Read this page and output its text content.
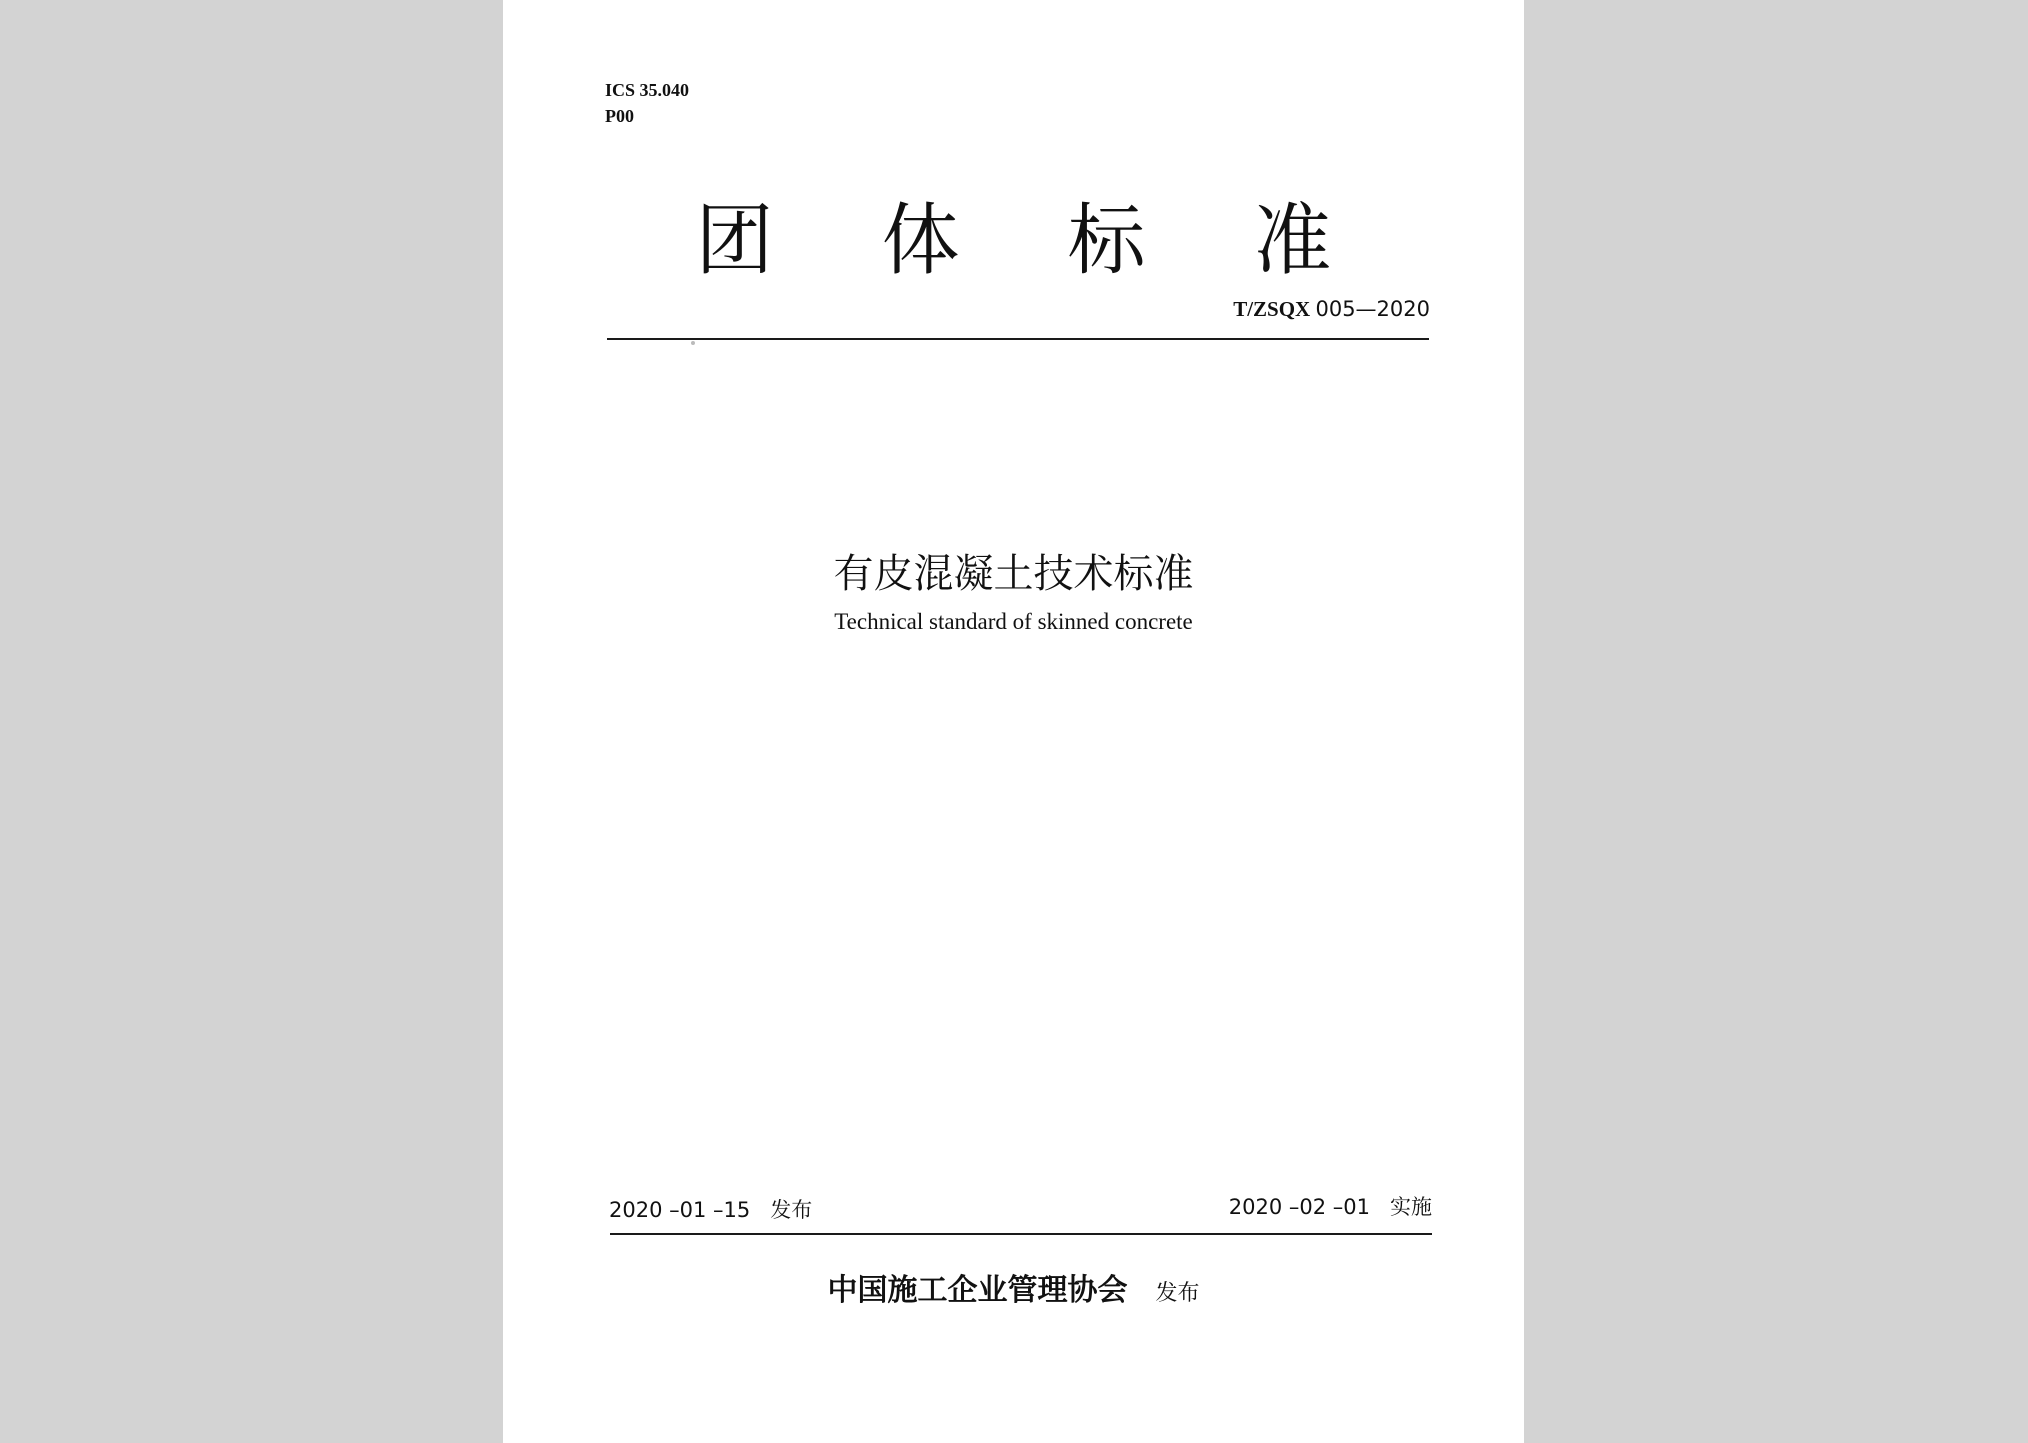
ICS 35.040
P00
团体标准
T/ZSQX 005—2020
有皮混凝土技术标准
Technical standard of skinned concrete
2020 –01 –15 发布	2020 –02 –01 实施
中国施工企业管理协会 发布
